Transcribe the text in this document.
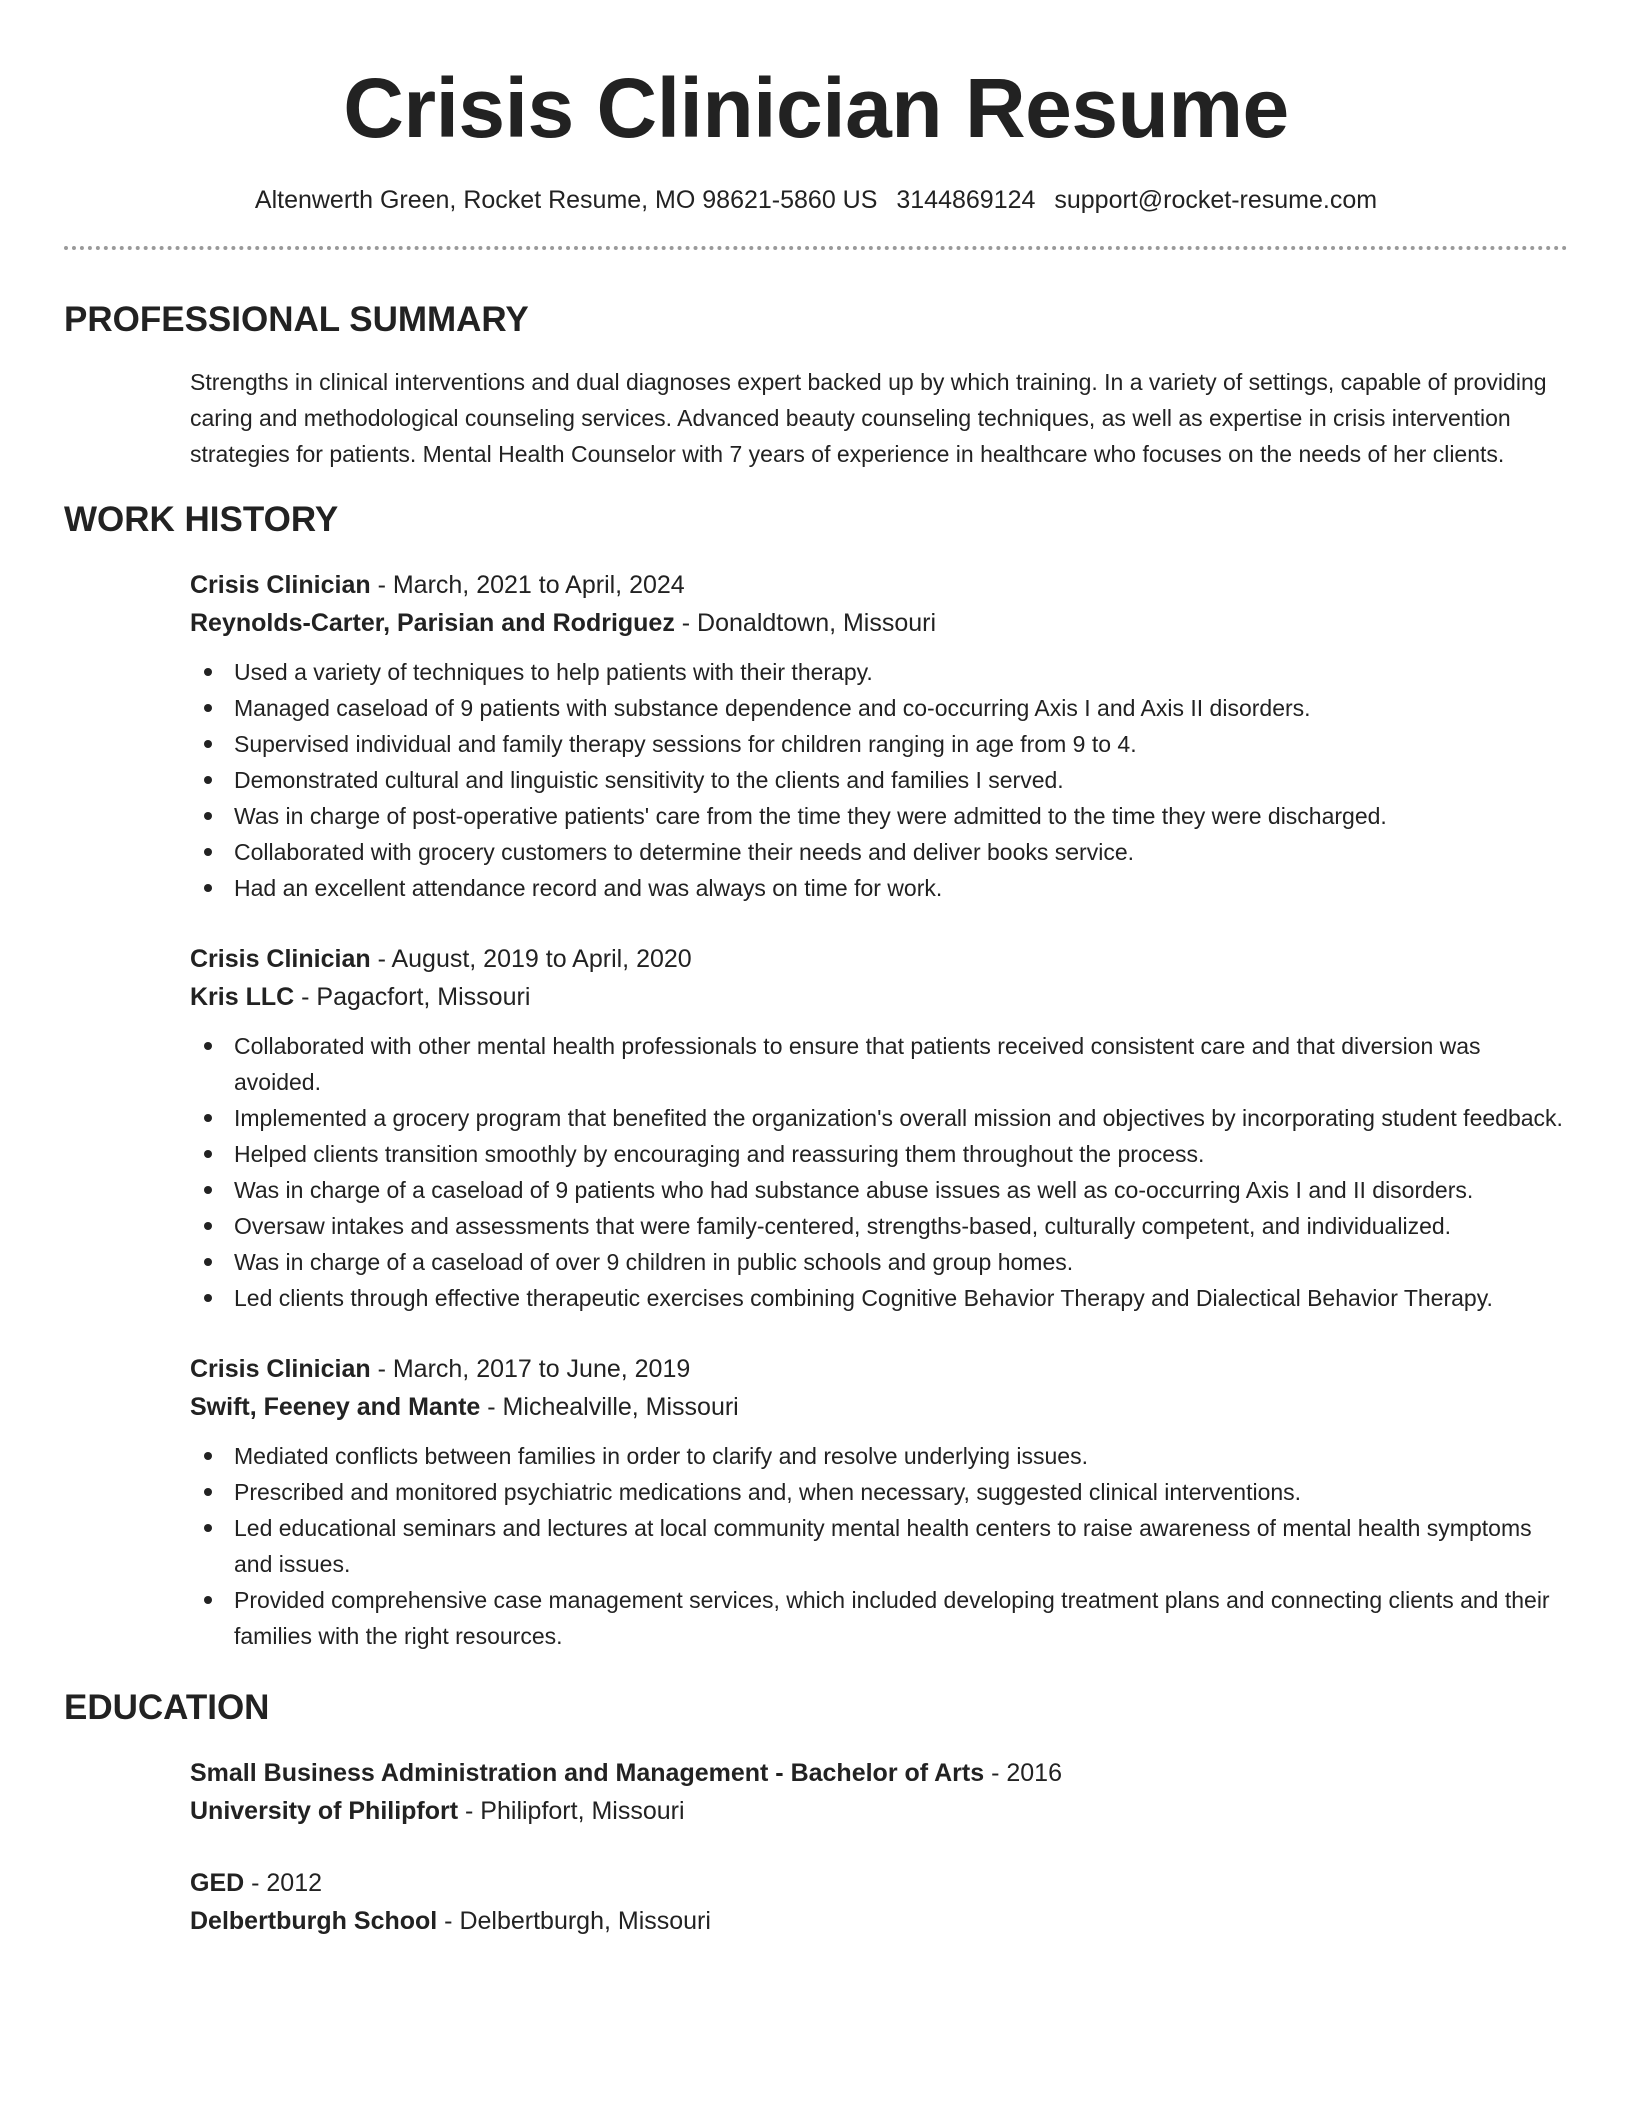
Crisis Clinician Resume
Altenwerth Green, Rocket Resume, MO 98621-5860 US 3144869124 support@rocket-resume.com
PROFESSIONAL SUMMARY

Strengths in clinical interventions and dual diagnoses expert backed up by which training. In a variety of settings, capable of providing caring and methodological counseling services. Advanced beauty counseling techniques, as well as expertise in crisis intervention strategies for patients. Mental Health Counselor with 7 years of experience in healthcare who focuses on the needs of her clients.

WORK HISTORY
Crisis Clinician - March, 2021 to April, 2024
Reynolds-Carter, Parisian and Rodriguez - Donaldtown, Missouri
Used a variety of techniques to help patients with their therapy.
Managed caseload of 9 patients with substance dependence and co-occurring Axis I and Axis II disorders.
Supervised individual and family therapy sessions for children ranging in age from 9 to 4.
Demonstrated cultural and linguistic sensitivity to the clients and families I served.
Was in charge of post-operative patients' care from the time they were admitted to the time they were discharged.
Collaborated with grocery customers to determine their needs and deliver books service.
Had an excellent attendance record and was always on time for work.
Crisis Clinician - August, 2019 to April, 2020
Kris LLC - Pagacfort, Missouri
Collaborated with other mental health professionals to ensure that patients received consistent care and that diversion was avoided.
Implemented a grocery program that benefited the organization's overall mission and objectives by incorporating student feedback.
Helped clients transition smoothly by encouraging and reassuring them throughout the process.
Was in charge of a caseload of 9 patients who had substance abuse issues as well as co-occurring Axis I and II disorders.
Oversaw intakes and assessments that were family-centered, strengths-based, culturally competent, and individualized.
Was in charge of a caseload of over 9 children in public schools and group homes.
Led clients through effective therapeutic exercises combining Cognitive Behavior Therapy and Dialectical Behavior Therapy.
Crisis Clinician - March, 2017 to June, 2019
Swift, Feeney and Mante - Michealville, Missouri
Mediated conflicts between families in order to clarify and resolve underlying issues.
Prescribed and monitored psychiatric medications and, when necessary, suggested clinical interventions.
Led educational seminars and lectures at local community mental health centers to raise awareness of mental health symptoms and issues.
Provided comprehensive case management services, which included developing treatment plans and connecting clients and their families with the right resources.
EDUCATION
Small Business Administration and Management - Bachelor of Arts - 2016
University of Philipfort - Philipfort, Missouri
GED - 2012
Delbertburgh School - Delbertburgh, Missouri
